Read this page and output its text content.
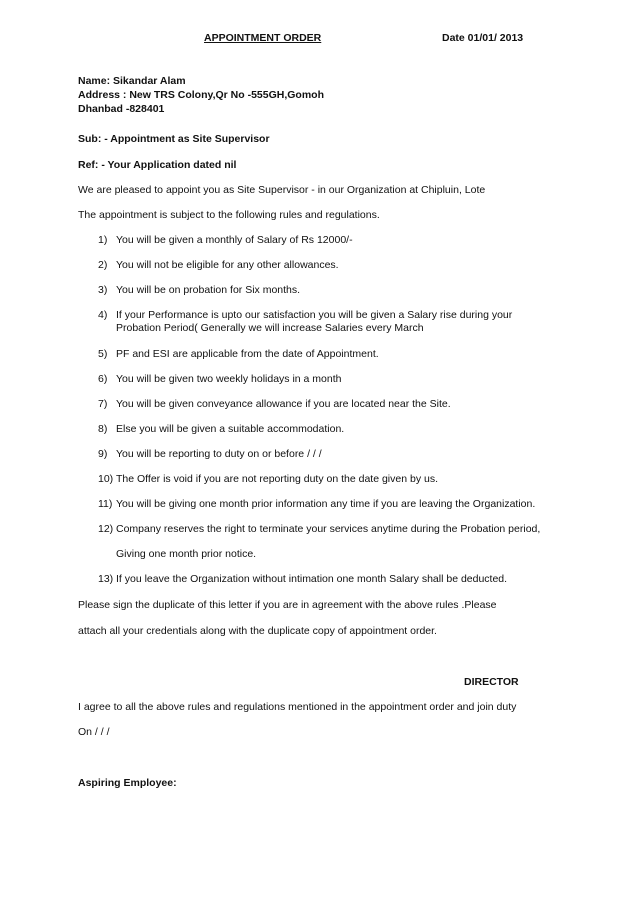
APPOINTMENT ORDER	Date 01/01/ 2013
Name: Sikandar Alam
Address : New TRS Colony,Qr No -555GH,Gomoh
Dhanbad -828401
Sub: - Appointment as Site Supervisor
Ref: - Your Application dated nil
We are pleased to appoint you as Site Supervisor - in our Organization at Chipluin, Lote
The appointment is subject to the following rules and regulations.
1) You will be given a monthly of Salary of Rs 12000/-
2) You will not be eligible for any other allowances.
3) You will be on probation for Six months.
4) If your Performance is upto our satisfaction you will be given a Salary rise during your
Probation Period( Generally we will increase Salaries every March
5) PF and ESI are applicable from the date of Appointment.
6) You will be given two weekly holidays in a month
7) You will be given conveyance allowance if you are located near the Site.
8) Else you will be given a suitable accommodation.
9) You will be reporting to duty on or before / / /
10) The Offer is void if you are not reporting duty on the date given by us.
11) You will be giving one month prior information any time if you are leaving the Organization.
12) Company reserves the right to terminate your services anytime during the Probation period,
Giving one month prior notice.
13) If you leave the Organization without intimation one month Salary shall be deducted.
Please sign the duplicate of this letter if you are in agreement with the above rules .Please
attach all your credentials along with the duplicate copy of appointment order.
DIRECTOR
I agree to all the above rules and regulations mentioned in the appointment order and join duty
On / / /
Aspiring Employee:
